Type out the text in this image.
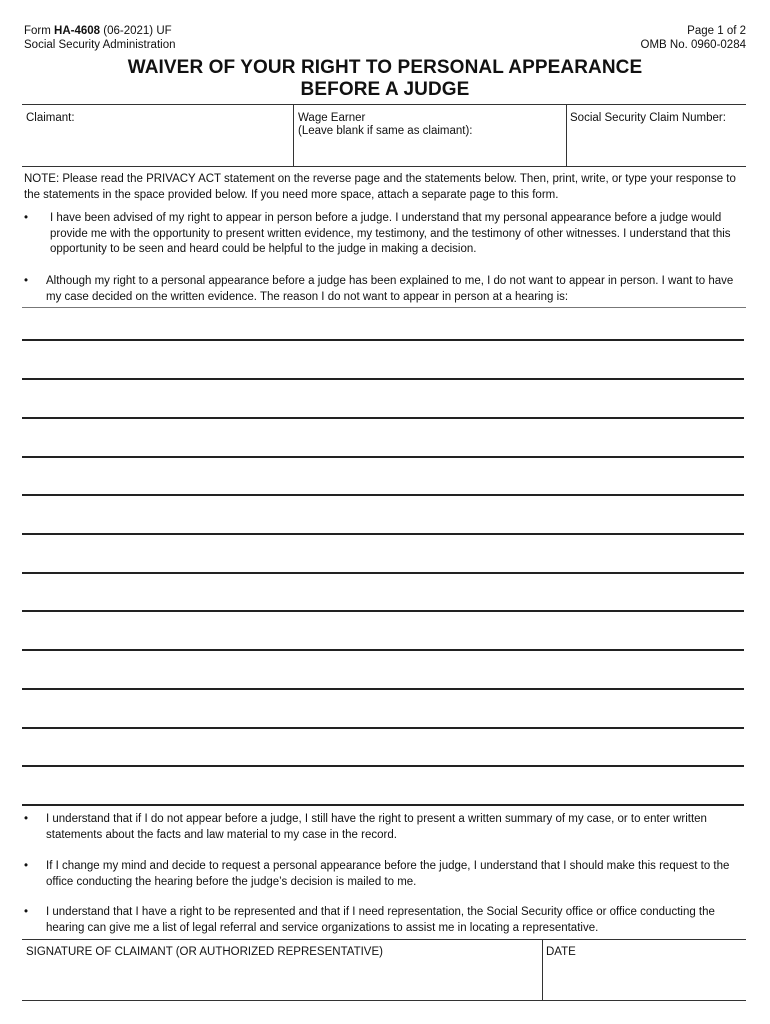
Form HA-4608 (06-2021) UF
Social Security Administration
Page 1 of 2
OMB No. 0960-0284
WAIVER OF YOUR RIGHT TO PERSONAL APPEARANCE
BEFORE A JUDGE
Claimant:	Wage Earner
(Leave blank if same as claimant):
Social Security Claim Number:
NOTE: Please read the PRIVACY ACT statement on the reverse page and the statements below. Then, print, write, or type your response to the statements in the space provided below. If you need more space, attach a separate page to this form.
• I have been advised of my right to appear in person before a judge. I understand that my personal appearance before a judge would provide me with the opportunity to present written evidence, my testimony, and the testimony of other witnesses. I understand that this opportunity to be seen and heard could be helpful to the judge in making a decision.
• Although my right to a personal appearance before a judge has been explained to me, I do not want to appear in person. I want to have my case decided on the written evidence. The reason I do not want to appear in person at a hearing is:
• I understand that if I do not appear before a judge, I still have the right to present a written summary of my case, or to enter written statements about the facts and law material to my case in the record.
• If I change my mind and decide to request a personal appearance before the judge, I understand that I should make this request to the office conducting the hearing before the judge’s decision is mailed to me.
• I understand that I have a right to be represented and that if I need representation, the Social Security office or office conducting the hearing can give me a list of legal referral and service organizations to assist me in locating a representative.
SIGNATURE OF CLAIMANT (OR AUTHORIZED REPRESENTATIVE)	DATE
